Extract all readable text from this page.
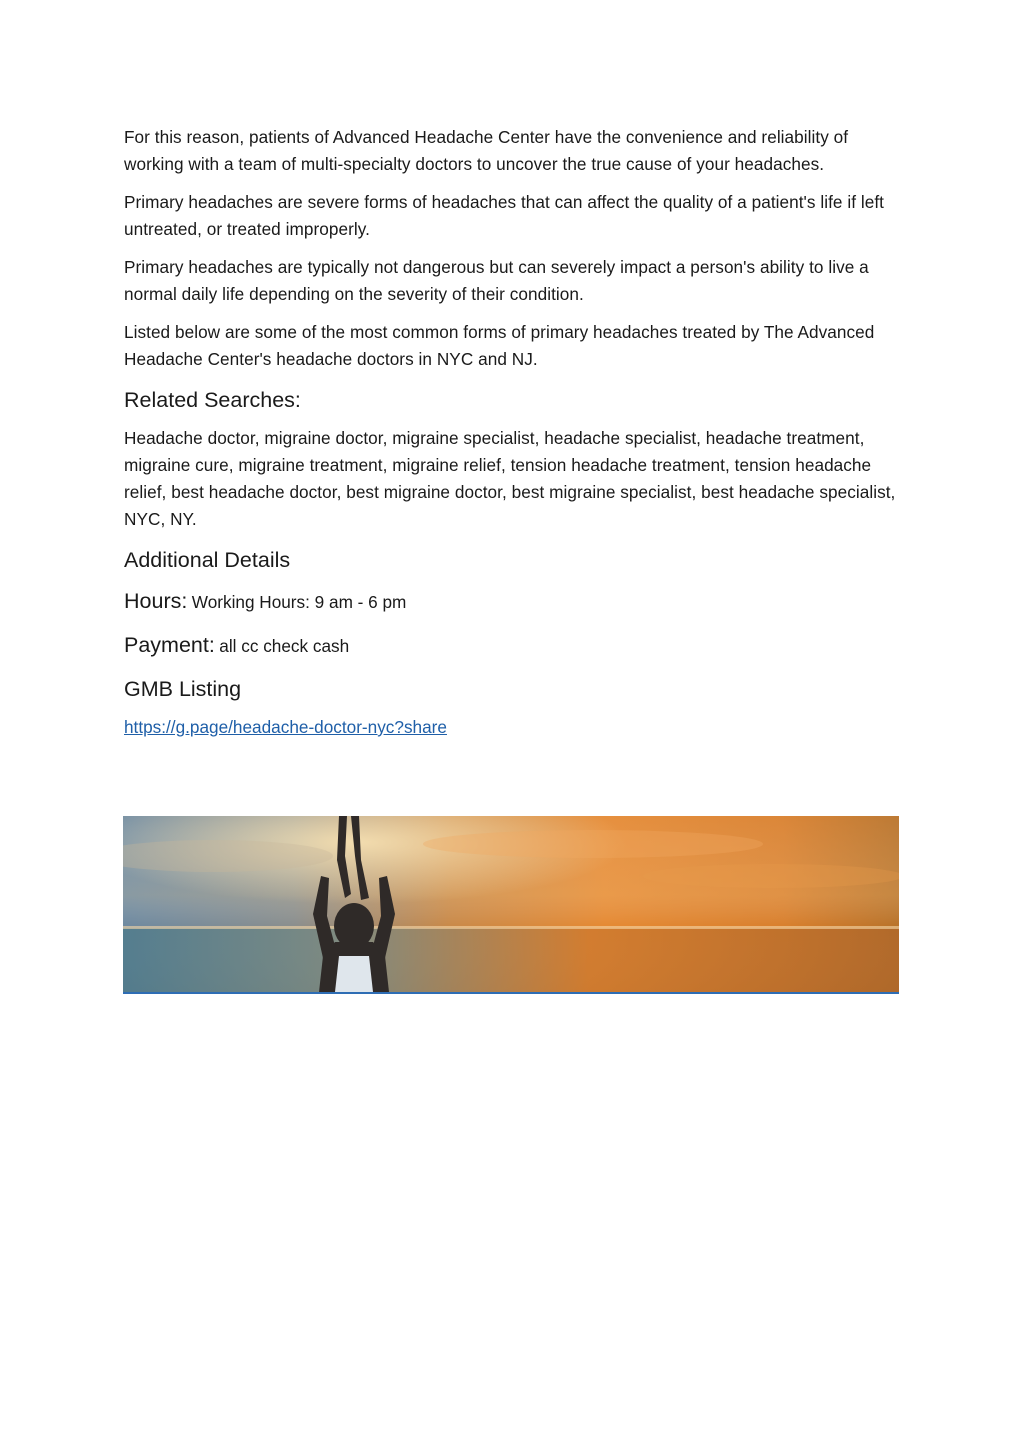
For this reason, patients of Advanced Headache Center have the convenience and reliability of working with a team of multi-specialty doctors to uncover the true cause of your headaches.

Primary headaches are severe forms of headaches that can affect the quality of a patient's life if left untreated, or treated improperly.

Primary headaches are typically not dangerous but can severely impact a person's ability to live a normal daily life depending on the severity of their condition.

Listed below are some of the most common forms of primary headaches treated by The Advanced Headache Center's headache doctors in NYC and NJ.

Related Searches:

Headache doctor, migraine doctor, migraine specialist, headache specialist, headache treatment, migraine cure, migraine treatment, migraine relief, tension headache treatment, tension headache relief, best headache doctor, best migraine doctor, best migraine specialist, best headache specialist, NYC, NY.

Additional Details
Hours: Working Hours: 9 am - 6 pm
Payment: all cc check cash
GMB Listing
https://g.page/headache-doctor-nyc?share
